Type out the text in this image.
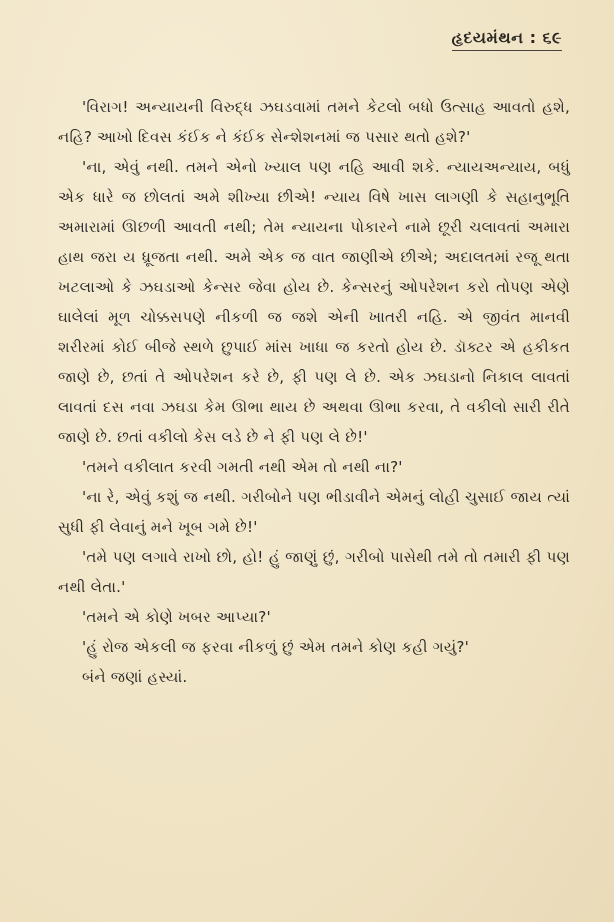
હૃદયમંથન : ૬૯

'વિરાગ! અન્યાયની વિરુદ્ધ ઝઘડવામાં તમને કેટલો બધો ઉત્સાહ આવતો હશે, નહિ? આખો દિવસ કંઈક ને કંઈક સેન્શેશનમાં જ પસાર થતો હશે?'

'ના, એવું નથી. તમને એનો ખ્યાલ પણ નહિ આવી શકે. ન્યાયઅન્યાય, બધું એક ધારે જ છોલતાં અમે શીખ્યા છીએ! ન્યાય વિષે ખાસ લાગણી કે સહાનુભૂતિ અમારામાં ઊછળી આવતી નથી; તેમ ન્યાયના પોકારને નામે છૂરી ચલાવતાં અમારા હાથ જરા ય ધ્રૂજતા નથી. અમે એક જ વાત જાણીએ છીએ; અદાલતમાં રજૂ થતા ખટલાઓ કે ઝઘડાઓ કેન્સર જેવા હોય છે. કેન્સરનું ઓપરેશન કરો તોપણ એણે ઘાલેલાં મૂળ ચોક્કસપણે નીકળી જ જશે એની ખાતરી નહિ. એ જીવંત માનવી શરીરમાં કોઈ બીજે સ્થળે છુપાઈ માંસ ખાધા જ કરતો હોય છે. ડૉક્ટર એ હકીકત જાણે છે, છતાં તે ઓપરેશન કરે છે, ફી પણ લે છે. એક ઝઘડાનો નિકાલ લાવતાં લાવતાં દસ નવા ઝઘડા કેમ ઊભા થાય છે અથવા ઊભા કરવા, તે વકીલો સારી રીતે જાણે છે. છતાં વકીલો કેસ લડે છે ને ફી પણ લે છે!'

'તમને વકીલાત કરવી ગમતી નથી એમ તો નથી ના?'

'ના રે, એવું કશું જ નથી. ગરીબોને પણ ભીડાવીને એમનું લોહી ચુસાઈ જાય ત્યાં સુધી ફી લેવાનું મને ખૂબ ગમે છે!'

'તમે પણ લગાવે રાખો છો, હો! હું જાણું છું, ગરીબો પાસેથી તમે તો તમારી ફી પણ નથી લેતા.'

'તમને એ કોણે ખબર આપ્યા?'

'હું રોજ એકલી જ ફરવા નીકળું છું એમ તમને કોણ કહી ગયું?'

બંને જણાં હસ્યાં.
